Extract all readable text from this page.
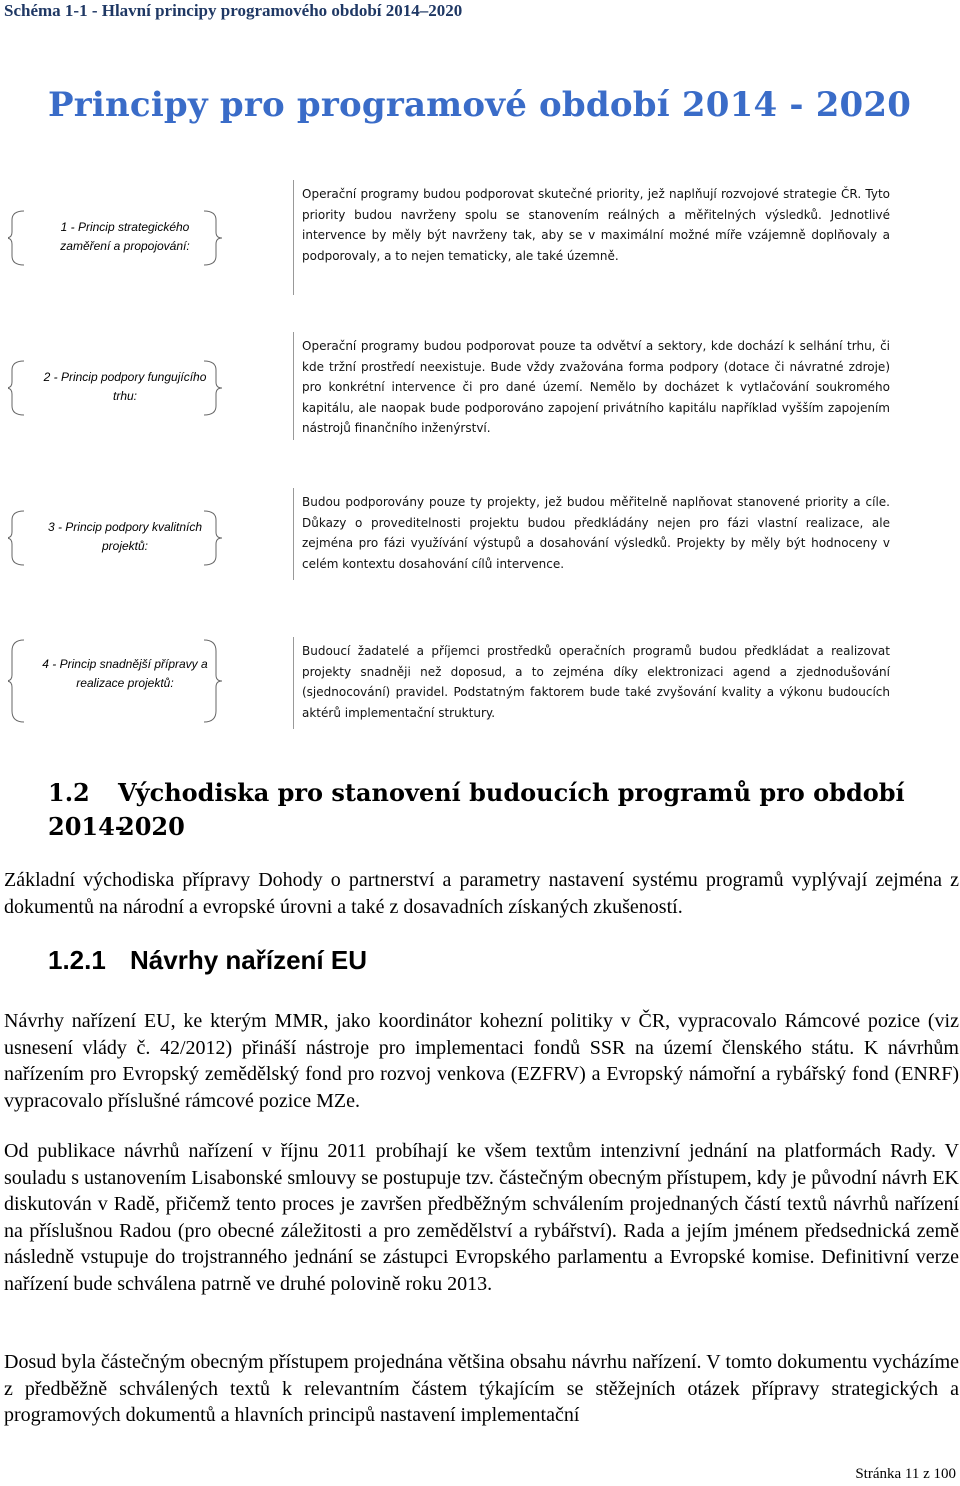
Schéma 1-1 - Hlavní principy programového období 2014–2020
Principy pro programové období 2014 - 2020
1 - Princip strategického zaměření a propojování:
Operační programy budou podporovat skutečné priority, jež naplňují rozvojové strategie ČR. Tyto priority budou navrženy spolu se stanovením reálných a měřitelných výsledků. Jednotlivé intervence by měly být navrženy tak, aby se v maximální možné míře vzájemně doplňovaly a podporovaly, a to nejen tematicky, ale také územně.
2 - Princip podpory fungujícího trhu:
Operační programy budou podporovat pouze ta odvětví a sektory, kde dochází k selhání trhu, či kde tržní prostředí neexistuje. Bude vždy zvažována forma podpory (dotace či návratné zdroje) pro konkrétní intervence či pro dané území. Nemělo by docházet k vytlačování soukromého kapitálu, ale naopak bude podporováno zapojení privátního kapitálu například vyšším zapojením nástrojů finančního inženýrství.
3 - Princip podpory kvalitních projektů:
Budou podporovány pouze ty projekty, jež budou měřitelně naplňovat stanovené priority a cíle. Důkazy o proveditelnosti projektu budou předkládány nejen pro fázi vlastní realizace, ale zejména pro fázi využívání výstupů a dosahování výsledků. Projekty by měly být hodnoceny v celém kontextu dosahování cílů intervence.
4 - Princip snadnější přípravy a realizace projektů:
Budoucí žadatelé a příjemci prostředků operačních programů budou předkládat a realizovat projekty snadněji než doposud, a to zejména díky elektronizaci agend a zjednodušování (sjednocování) pravidel. Podstatným faktorem bude také zvyšování kvality a výkonu budoucích aktérů implementační struktury.
1.2 Východiska pro stanovení budoucích programů pro období 2014-
2020
Základní východiska přípravy Dohody o partnerství a parametry nastavení systému programů vyplývají zejména z dokumentů na národní a evropské úrovni a také z dosavadních získaných zkušeností.
1.2.1 Návrhy nařízení EU
Návrhy nařízení EU, ke kterým MMR, jako koordinátor kohezní politiky v ČR, vypracovalo Rámcové pozice (viz usnesení vlády č. 42/2012) přináší nástroje pro implementaci fondů SSR na území členského státu. K návrhům nařízením pro Evropský zemědělský fond pro rozvoj venkova (EZFRV) a Evropský námořní a rybářský fond (ENRF) vypracovalo příslušné rámcové pozice MZe.
Od publikace návrhů nařízení v říjnu 2011 probíhají ke všem textům intenzivní jednání na platformách Rady. V souladu s ustanovením Lisabonské smlouvy se postupuje tzv. částečným obecným přístupem, kdy je původní návrh EK diskutován v Radě, přičemž tento proces je završen předběžným schválením projednaných částí textů návrhů nařízení na příslušnou Radou (pro obecné záležitosti a pro zemědělství a rybářství). Rada a jejím jménem předsednická země následně vstupuje do trojstranného jednání se zástupci Evropského parlamentu a Evropské komise. Definitivní verze nařízení bude schválena patrně ve druhé polovině roku 2013.
Dosud byla částečným obecným přístupem projednána většina obsahu návrhu nařízení. V tomto dokumentu vycházíme z předběžně schválených textů k relevantním částem týkajícím se stěžejních otázek přípravy strategických a programových dokumentů a hlavních principů nastavení implementační
Stránka 11 z 100
